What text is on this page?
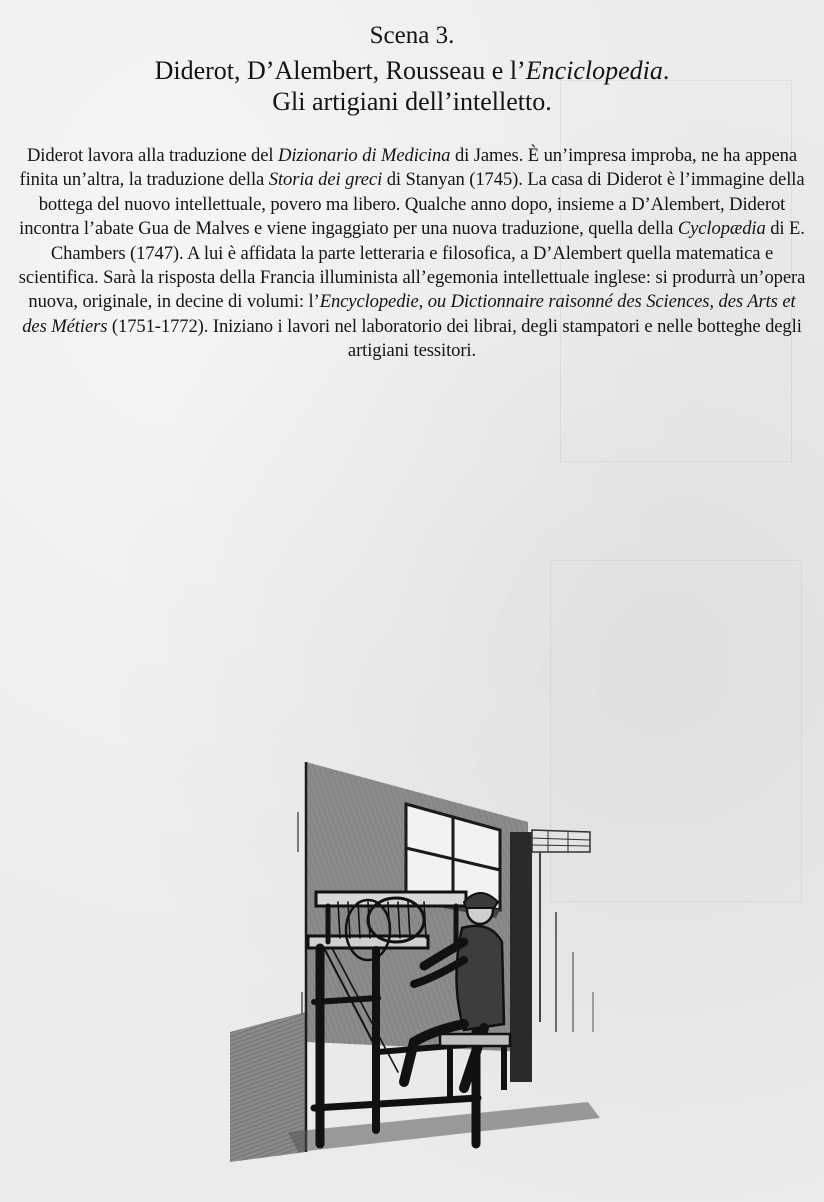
Scena 3.
Diderot, D’Alembert, Rousseau e l’Enciclopedia.
Gli artigiani dell’intelletto.
Diderot lavora alla traduzione del Dizionario di Medicina di James. È un’impresa improba, ne ha appena finita un’altra, la traduzione della Storia dei greci di Stanyan (1745). La casa di Diderot è l’immagine della bottega del nuovo intellettuale, povero ma libero. Qualche anno dopo, insieme a D’Alembert, Diderot incontra l’abate Gua de Malves e viene ingaggiato per una nuova traduzione, quella della Cyclopædia di E. Chambers (1747). A lui è affidata la parte letteraria e filosofica, a D’Alembert quella matematica e scientifica. Sarà la risposta della Francia illuminista all’egemonia intellettuale inglese: si produrrà un’opera nuova, originale, in decine di volumi: l’Encyclopedie, ou Dictionnaire raisonné des Sciences, des Arts et des Métiers (1751-1772). Iniziano i lavori nel laboratorio dei librai, degli stampatori e nelle botteghe degli artigiani tessitori.
